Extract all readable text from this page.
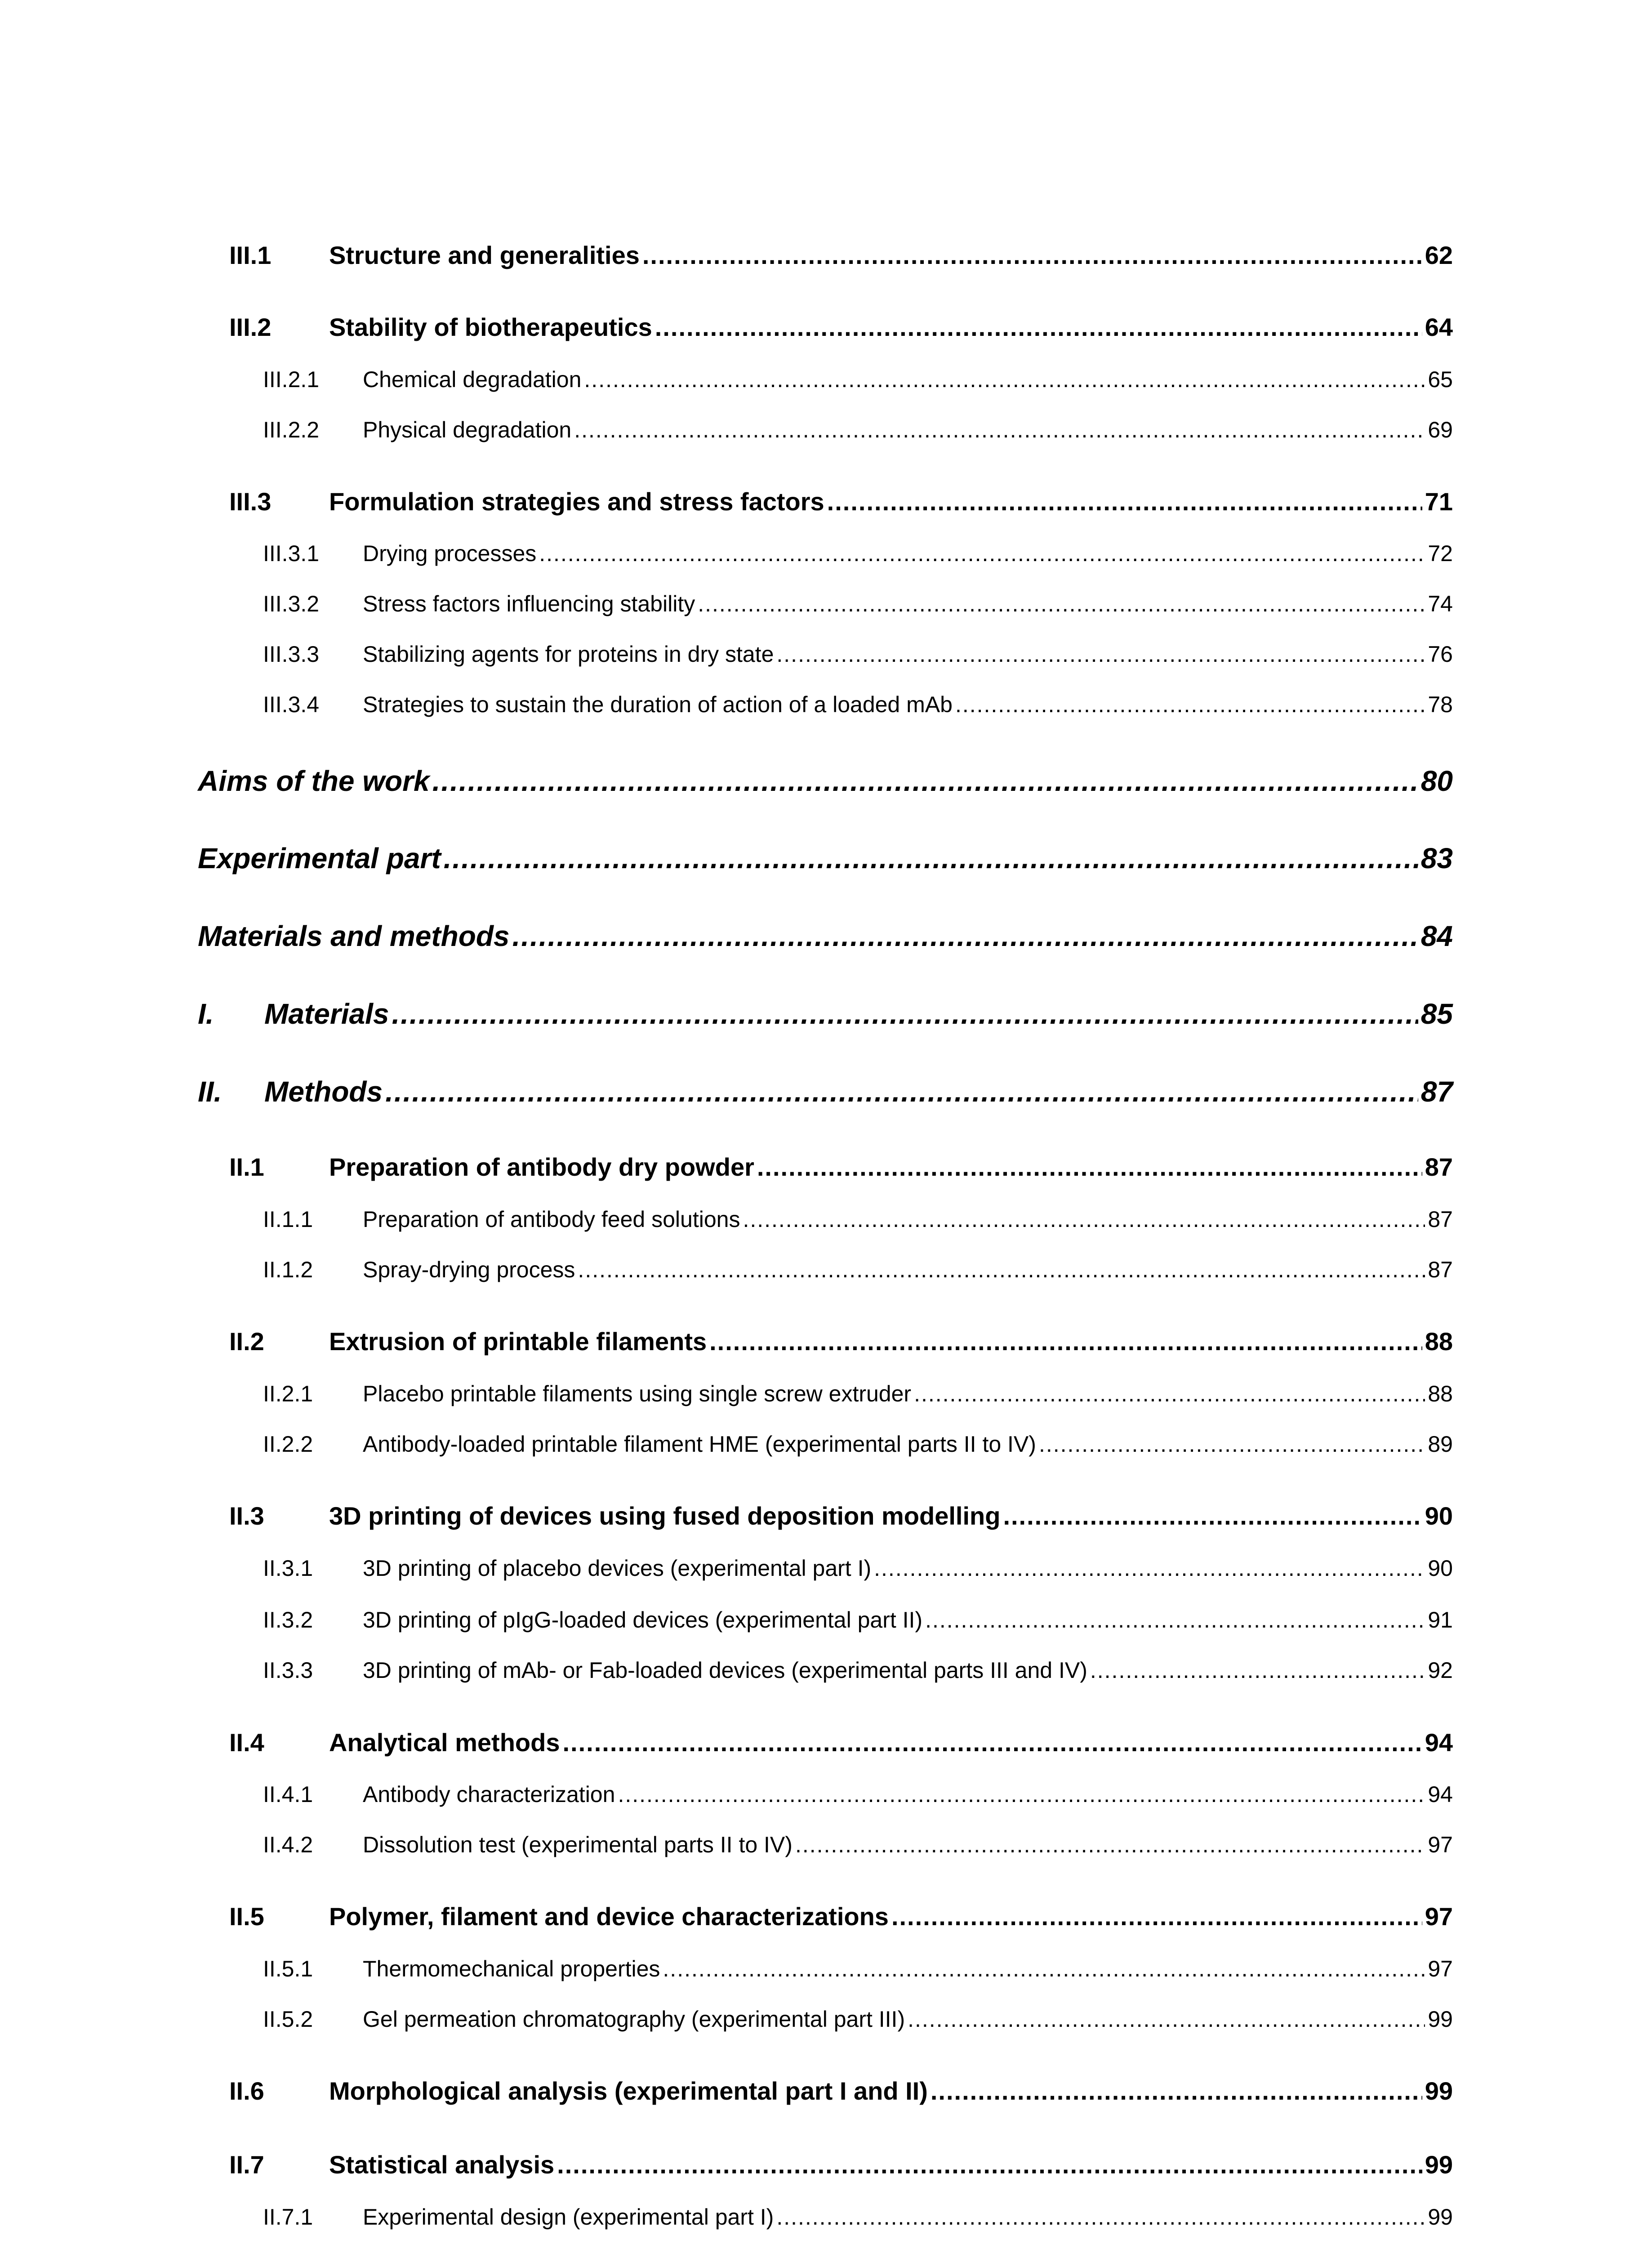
III.1	Structure and generalities .....	62
III.2	Stability of biotherapeutics .....	64
III.2.1	Chemical degradation .....	65
III.2.2	Physical degradation .....	69
III.3	Formulation strategies and stress factors .....	71
III.3.1	Drying processes .....	72
III.3.2	Stress factors influencing stability .....	74
III.3.3	Stabilizing agents for proteins in dry state .....	76
III.3.4	Strategies to sustain the duration of action of a loaded mAb .....	78
Aims of the work .....	80
Experimental part .....	83
Materials and methods .....	84
I.	Materials .....	85
II.	Methods .....	87
II.1	Preparation of antibody dry powder .....	87
II.1.1	Preparation of antibody feed solutions .....	87
II.1.2	Spray-drying process .....	87
II.2	Extrusion of printable filaments .....	88
II.2.1	Placebo printable filaments using single screw extruder .....	88
II.2.2	Antibody-loaded printable filament HME (experimental parts II to IV) .....	89
II.3	3D printing of devices using fused deposition modelling .....	90
II.3.1	3D printing of placebo devices (experimental part I) .....	90
II.3.2	3D printing of pIgG-loaded devices (experimental part II) .....	91
II.3.3	3D printing of mAb- or Fab-loaded devices (experimental parts III and IV) .....	92
II.4	Analytical methods .....	94
II.4.1	Antibody characterization .....	94
II.4.2	Dissolution test (experimental parts II to IV) .....	97
II.5	Polymer, filament and device characterizations .....	97
II.5.1	Thermomechanical properties .....	97
II.5.2	Gel permeation chromatography (experimental part III) .....	99
II.6	Morphological analysis (experimental part I and II) .....	99
II.7	Statistical analysis .....	99
II.7.1	Experimental design (experimental part I) .....	99
